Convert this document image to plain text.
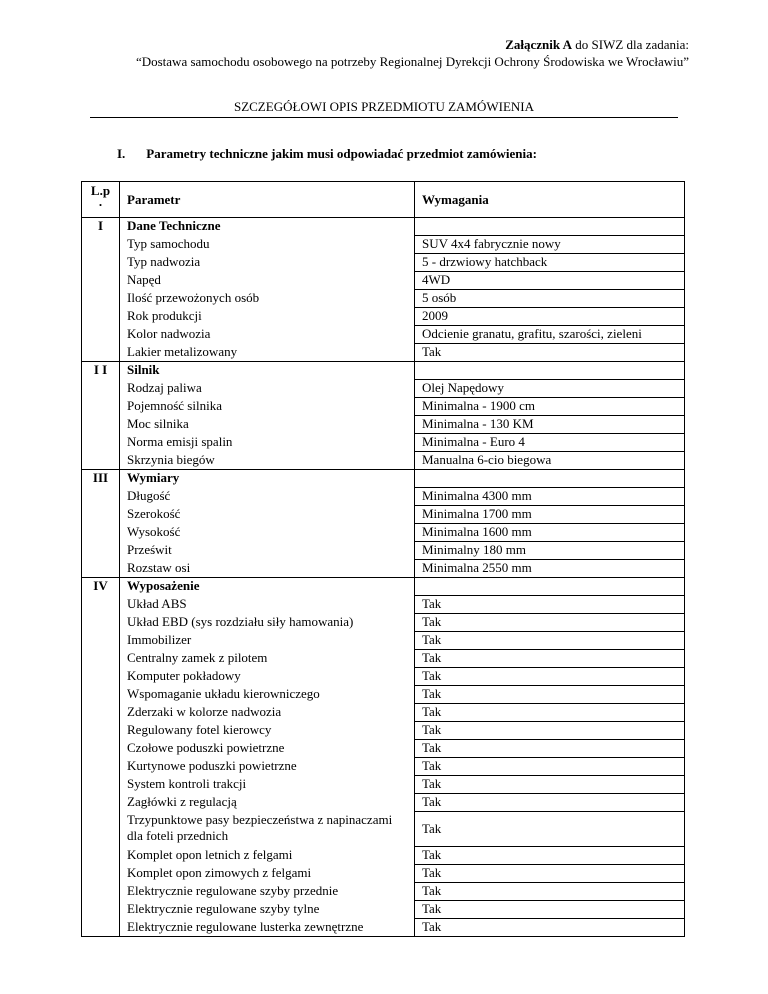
Załącznik A do SIWZ dla zadania:
“Dostawa samochodu osobowego na potrzeby Regionalnej Dyrekcji Ochrony Środowiska we Wrocławiu”
SZCZEGÓŁOWI OPIS PRZEDMIOTU ZAMÓWIENIA
I. Parametry techniczne jakim musi odpowiadać przedmiot zamówienia:
L.p
.	Parametr	Wymagania
I	Dane Techniczne	
	Typ samochodu	SUV 4x4 fabrycznie nowy
	Typ nadwozia	5 - drzwiowy hatchback
	Napęd	4WD
	Ilość przewożonych osób	5 osób
	Rok produkcji	2009
	Kolor nadwozia	Odcienie granatu, grafitu, szarości, zieleni
	Lakier metalizowany	Tak
I I	Silnik	
	Rodzaj paliwa	Olej Napędowy
	Pojemność silnika	Minimalna - 1900 cm
	Moc silnika	Minimalna - 130 KM
	Norma emisji spalin	Minimalna - Euro 4
	Skrzynia biegów	Manualna 6-cio biegowa
III	Wymiary	
	Długość	Minimalna 4300 mm
	Szerokość	Minimalna 1700 mm
	Wysokość	Minimalna 1600 mm
	Prześwit	Minimalny 180 mm
	Rozstaw osi	Minimalna 2550 mm
IV	Wyposażenie	
	Układ ABS	Tak
	Układ EBD (sys rozdziału siły hamowania)	Tak
	Immobilizer	Tak
	Centralny zamek z pilotem	Tak
	Komputer pokładowy	Tak
	Wspomaganie układu kierowniczego	Tak
	Zderzaki w kolorze nadwozia	Tak
	Regulowany fotel kierowcy	Tak
	Czołowe poduszki powietrzne	Tak
	Kurtynowe poduszki powietrzne	Tak
	System kontroli trakcji	Tak
	Zagłówki z regulacją	Tak
	Trzypunktowe pasy bezpieczeństwa z napinaczami dla foteli przednich	Tak
	Komplet opon letnich z felgami	Tak
	Komplet opon zimowych z felgami	Tak
	Elektrycznie regulowane szyby przednie	Tak
	Elektrycznie regulowane szyby tylne	Tak
	Elektrycznie regulowane lusterka zewnętrzne	Tak
